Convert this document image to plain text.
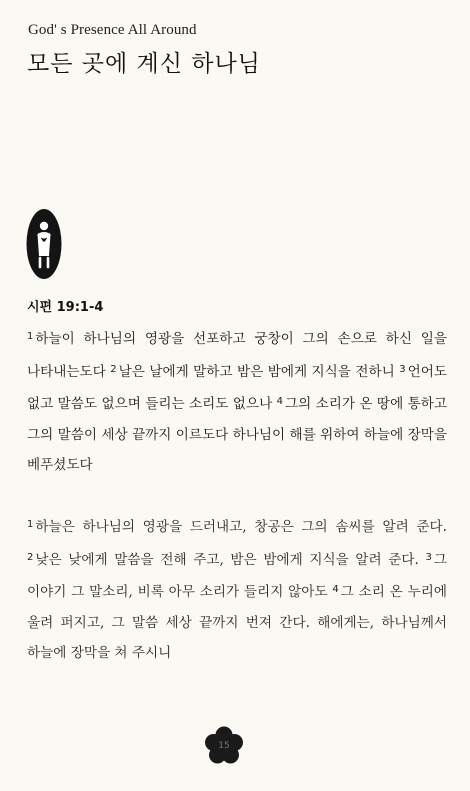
God' s Presence All Around
모든 곳에 계신 하나님
시편 19:1-4
$^1$ 하늘이 하나님의 영광을 선포하고 궁창이 그의 손으로 하신 일을 나타내는도다 $^2$ 날은 날에게 말하고 밤은 밤에게 지식을 전하니 $^3$ 언어도 없고 말씀도 없으며 들리는 소리도 없으나 $^4$ 그의 소리가 온 땅에 통하고 그의 말씀이 세상 끝까지 이르도다 하나님이 해를 위하여 하늘에 장막을 베푸셨도다
$^1$ 하늘은 하나님의 영광을 드러내고, 창공은 그의 솜씨를 알려 준다. $^2$ 낮은 낮에게 말씀을 전해 주고, 밤은 밤에게 지식을 알려 준다. $^3$ 그 이야기 그 말소리, 비록 아무 소리가 들리지 않아도 $^4$ 그 소리 온 누리에 울려 퍼지고, 그 말씀 세상 끝까지 번져 간다. 해에게는, 하나님께서 하늘에 장막을 쳐 주시니
15
